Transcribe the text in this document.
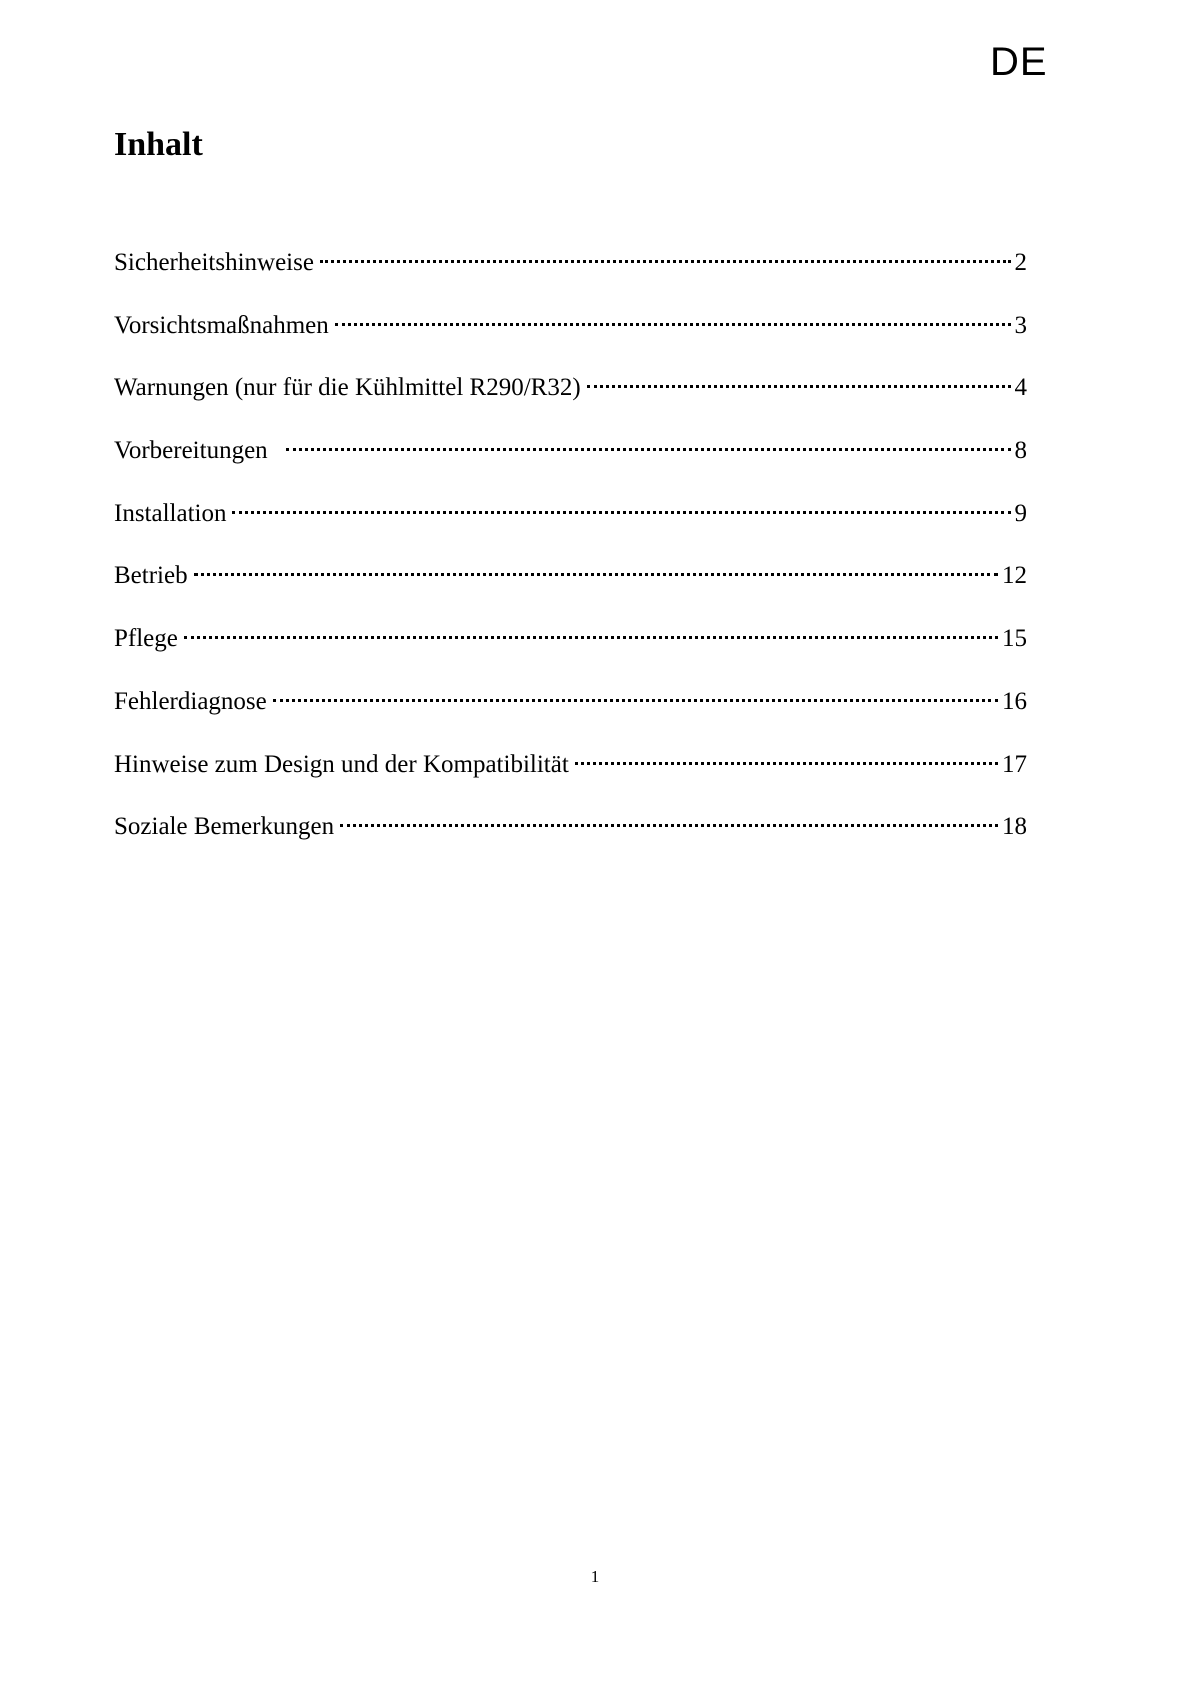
DE
Inhalt
Sicherheitshinweise	2
Vorsichtsmaßnahmen	3
Warnungen (nur für die Kühlmittel R290/R32)	4
Vorbereitungen	8
Installation	9
Betrieb	12
Pflege	15
Fehlerdiagnose	16
Hinweise zum Design und der Kompatibilität	17
Soziale Bemerkungen	18
1
